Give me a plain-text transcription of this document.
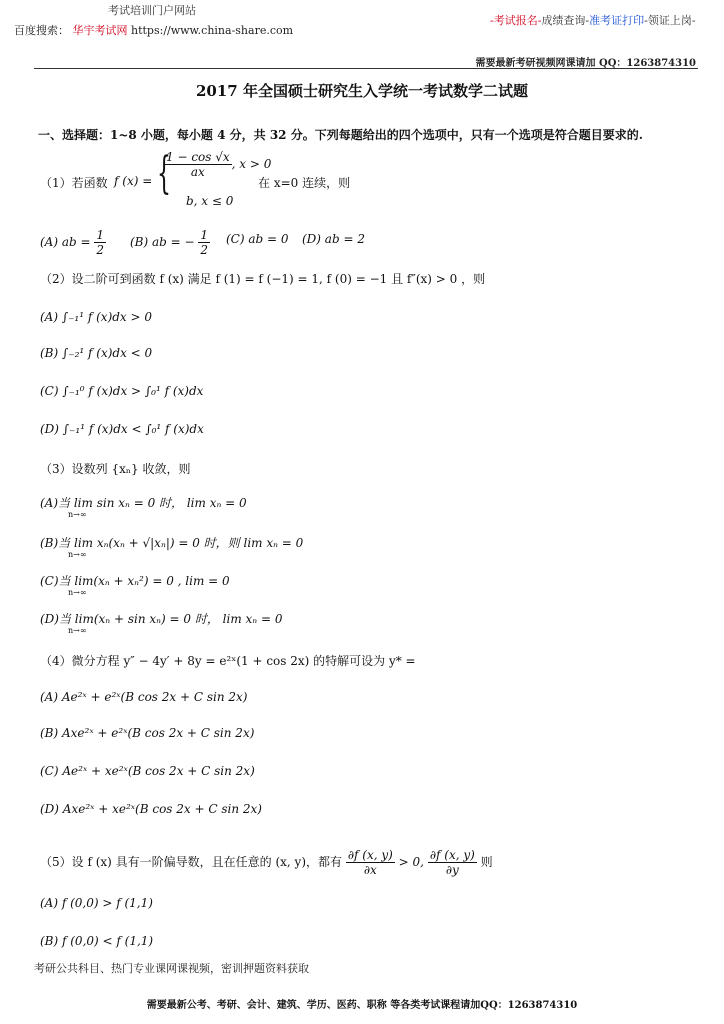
考试培训门户网站
百度搜索： 华宇考试网 https://www.china-share.com
-考试报名-成绩查询-准考证打印-领证上岗-
需要最新考研视频网课请加 QQ：1263874310
2017 年全国硕士研究生入学统一考试数学二试题
一、选择题：1~8 小题，每小题 4 分，共 32 分。下列每题给出的四个选项中，只有一个选项是符合题目要求的.
（1）若函数 f (x) = {
$\frac{1 - \cos √x}{ax}$ , x > 0
b, x ≤ 0
在 x=0 连续，则
(A) ab = $\frac{1}{2} (B)$ ab = − $\frac{1}{2} (C)$ ab = 0 (D) ab = 2
（2）设二阶可到函数 f (x) 满足 f (1) = f (−1) = 1, f (0) = −1 且 f″(x) > 0 ，则
(A) ∫₋₁¹ f (x)dx > 0
(B) ∫₋₂¹ f (x)dx < 0
(C) ∫₋₁⁰ f (x)dx > ∫₀¹ f (x)dx
(D) ∫₋₁¹ f (x)dx < ∫₀¹ f (x)dx
（3）设数列 {xₙ} 收敛，则
(A)当 lim sin xₙ = 0 时， lim xₙ = 0
n→∞
(B)当 lim xₙ(xₙ + √|xₙ|) = 0 时，则 lim xₙ = 0
n→∞
(C)当 lim(xₙ + xₙ²) = 0 , lim = 0
n→∞
(D)当 lim(xₙ + sin xₙ) = 0 时， lim xₙ = 0
n→∞
（4）微分方程 y″ − 4y′ + 8y = e²ˣ(1 + cos 2x) 的特解可设为 y* =
(A) Ae²ˣ + e²ˣ(B cos 2x + C sin 2x)
(B) Axe²ˣ + e²ˣ(B cos 2x + C sin 2x)
(C) Ae²ˣ + xe²ˣ(B cos 2x + C sin 2x)
(D) Axe²ˣ + xe²ˣ(B cos 2x + C sin 2x)
（5）设 f (x) 具有一阶偏导数，且在任意的 (x, y)，都有 $\frac{\partial f (x, y)}{\partial x} > 0$, $\frac{\partial f (x, y)}{\partial y}$ 则
(A) f (0,0) > f (1,1)
(B) f (0,0) < f (1,1)
考研公共科目、热门专业课网课视频，密训押题资料获取
需要最新公考、考研、会计、建筑、学历、医药、职称 等各类考试课程请加QQ：1263874310
